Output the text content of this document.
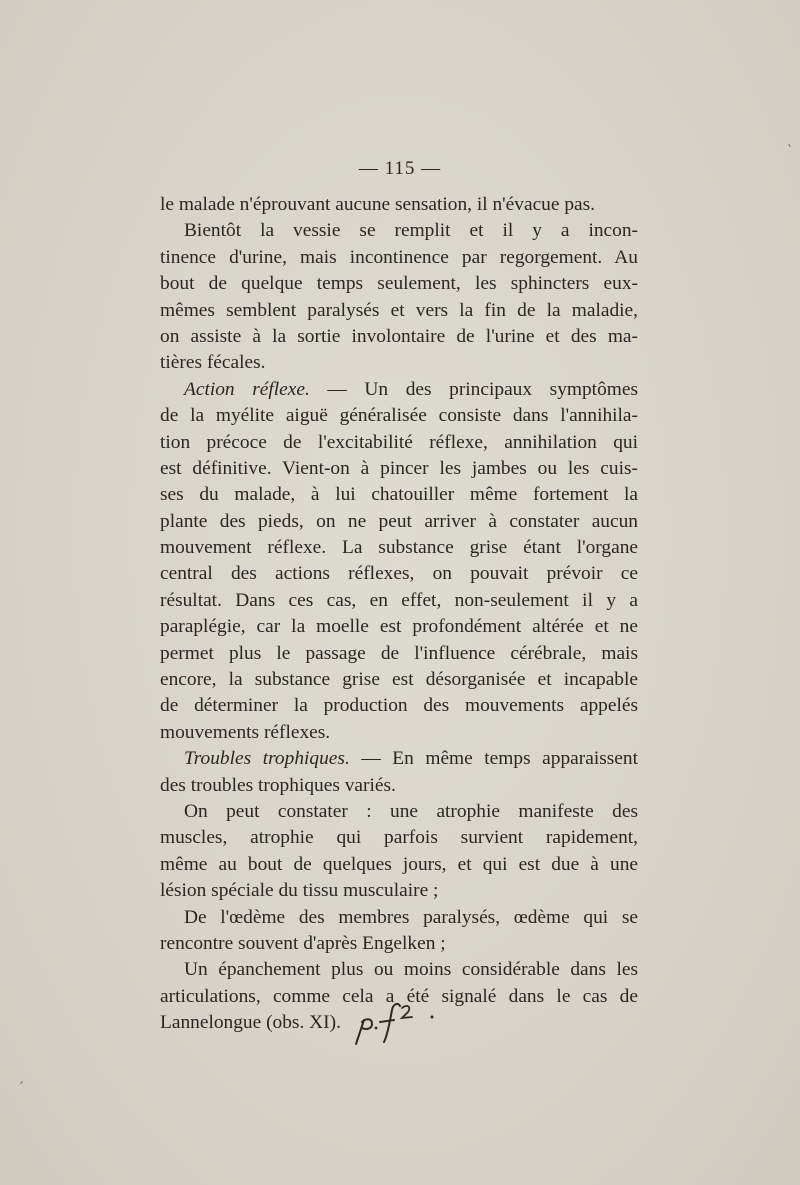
— 115 —
le malade n'éprouvant aucune sensation, il n'évacue pas.
Bientôt la vessie se remplit et il y a incon-
tinence d'urine, mais incontinence par regorgement. Au
bout de quelque temps seulement, les sphincters eux-
mêmes semblent paralysés et vers la fin de la maladie,
on assiste à la sortie involontaire de l'urine et des ma-
tières fécales.
Action réflexe. — Un des principaux symptômes
de la myélite aiguë généralisée consiste dans l'annihila-
tion précoce de l'excitabilité réflexe, annihilation qui
est définitive. Vient-on à pincer les jambes ou les cuis-
ses du malade, à lui chatouiller même fortement la
plante des pieds, on ne peut arriver à constater aucun
mouvement réflexe. La substance grise étant l'organe
central des actions réflexes, on pouvait prévoir ce
résultat. Dans ces cas, en effet, non-seulement il y a
paraplégie, car la moelle est profondément altérée et ne
permet plus le passage de l'influence cérébrale, mais
encore, la substance grise est désorganisée et incapable
de déterminer la production des mouvements appelés
mouvements réflexes.
Troubles trophiques. — En même temps apparaissent
des troubles trophiques variés.
On peut constater : une atrophie manifeste des
muscles, atrophie qui parfois survient rapidement,
même au bout de quelques jours, et qui est due à une
lésion spéciale du tissu musculaire ;
De l'œdème des membres paralysés, œdème qui se
rencontre souvent d'après Engelken ;
Un épanchement plus ou moins considérable dans les
articulations, comme cela a été signalé dans le cas de
Lannelongue (obs. XI).
